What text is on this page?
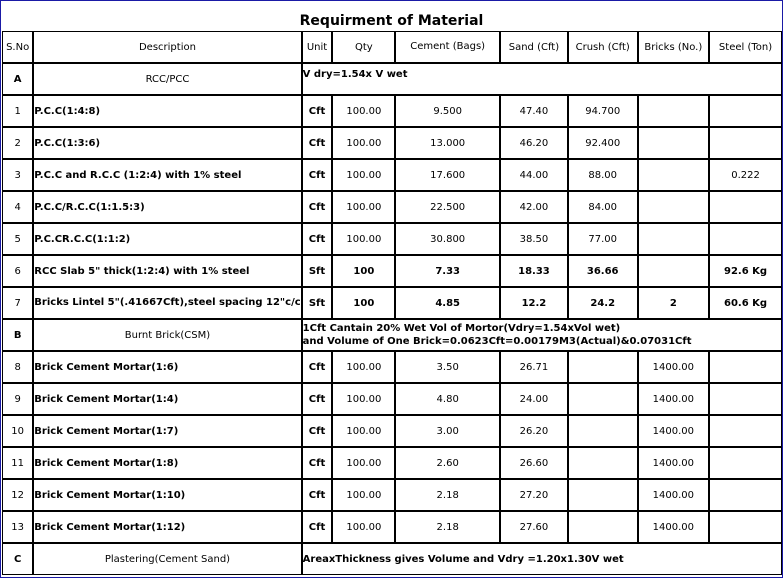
Requirment of Material
S.No	Description	Unit	Qty	Cement (Bags)	Sand (Cft)	Crush (Cft)	Bricks (No.)	Steel (Ton)
A	RCC/PCC	V dry=1.54x V wet						
1	P.C.C(1:4:8)	Cft	100.00	9.500	47.40	94.700		
2	P.C.C(1:3:6)	Cft	100.00	13.000	46.20	92.400		
3	P.C.C and R.C.C (1:2:4) with 1% steel	Cft	100.00	17.600	44.00	88.00		0.222
4	P.C.C/R.C.C(1:1.5:3)	Cft	100.00	22.500	42.00	84.00		
5	P.C.CR.C.C(1:1:2)	Cft	100.00	30.800	38.50	77.00		
6	RCC Slab 5" thick(1:2:4) with 1% steel	Sft	100	7.33	18.33	36.66		92.6 Kg
7	Bricks Lintel 5"(.41667Cft),steel spacing 12"c/c	Sft	100	4.85	12.2	24.2	2	60.6 Kg
B	Burnt Brick(CSM)	1Cft Cantain 20% Wet Vol of Mortor(Vdry=1.54xVol wet)
and Volume of One Brick=0.0623Cft=0.00179M3(Actual)&0.07031Cft						

8	Brick Cement Mortar(1:6)	Cft	100.00	3.50	26.71		1400.00	
9	Brick Cement Mortar(1:4)	Cft	100.00	4.80	24.00		1400.00	
10	Brick Cement Mortar(1:7)	Cft	100.00	3.00	26.20		1400.00	
11	Brick Cement Mortar(1:8)	Cft	100.00	2.60	26.60		1400.00	
12	Brick Cement Mortar(1:10)	Cft	100.00	2.18	27.20		1400.00	
13	Brick Cement Mortar(1:12)	Cft	100.00	2.18	27.60		1400.00	
C	Plastering(Cement Sand)	AreaxThickness gives Volume and Vdry =1.20x1.30V wet						
